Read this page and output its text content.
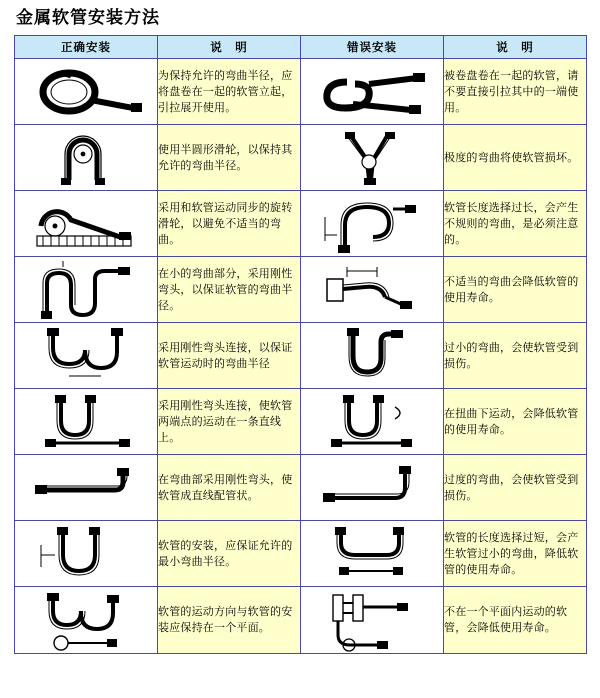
金属软管安装方法
正确安装	说　明	错误安装	说　明

	为保持允许的弯曲半径，应将盘卷在一起的软管立起，引拉展开使用。		被卷盘卷在一起的软管，请不要直接引拉其中的一端使用。

	使用半圆形滑轮，以保持其允许的弯曲半径。		极度的弯曲将使软管损坏。

	采用和软管运动同步的旋转滑轮，以避免不适当的弯曲。		软管长度选择过长，会产生不规则的弯曲，是必须注意的。

	在小的弯曲部分，采用刚性弯头，以保证软管的弯曲半径。		不适当的弯曲会降低软管的使用寿命。

	采用刚性弯头连接，以保证软管运动时的弯曲半径		过小的弯曲，会使软管受到损伤。

	采用刚性弯头连接，使软管两端点的运动在一条直线上。		在扭曲下运动，会降低软管的使用寿命。

	在弯曲部采用刚性弯头，使软管成直线配管状。		过度的弯曲，会使软管受到损伤。

	软管的安装，应保证允许的最小弯曲半径。		软管的长度选择过短，会产生软管过小的弯曲，降低软管的使用寿命。

	软管的运动方向与软管的安装应保持在一个平面。		不在一个平面内运动的软管，会降低使用寿命。
